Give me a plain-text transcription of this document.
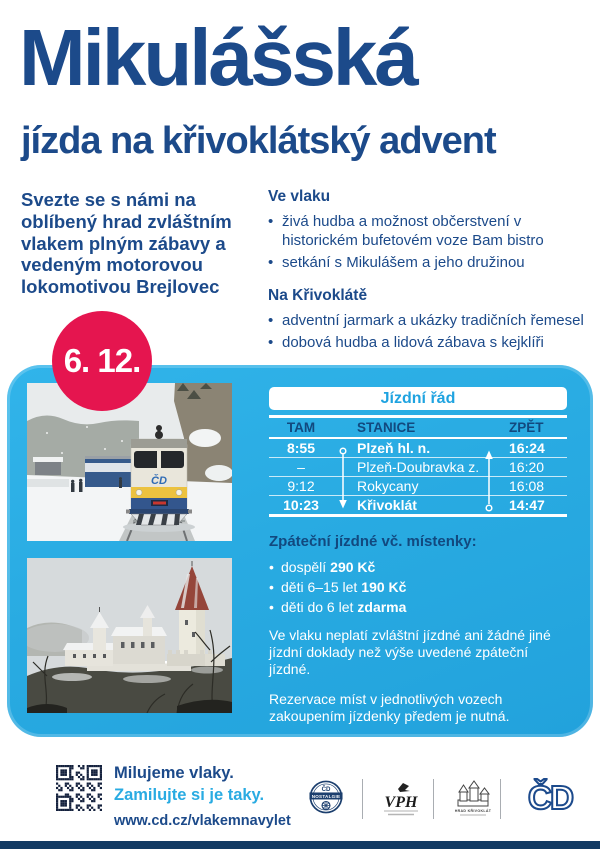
Mikulášská
jízda na křivoklátský advent

Svezte se s námi na oblíbený hrad zvláštním vlakem plným zábavy a vedeným motorovou lokomotivou Brejlovec

Ve vlaku

• živá hudba a možnost občerstvení v historickém bufetovém voze Bam bistro
• setkání s Mikulášem a jeho družinou

Na Křivoklátě

• adventní jarmark a ukázky tradičních řemesel
• dobová hudba a lidová zábava s kejklíři
ČD
Jízdní řád
TAM	STANICE	ZPĚT
8:55	Plzeň hl. n.	16:24
–	Plzeň-Doubravka z.	16:20
9:12	Rokycany	16:08
10:23	Křivoklát	14:47

Zpáteční jízdné vč. místenky:

• dospělí 290 Kč
• děti 6–15 let 190 Kč
• děti do 6 let zdarma

Ve vlaku neplatí zvláštní jízdné ani žádné jiné jízdní doklady než výše uvedené zpáteční jízdné.

Rezervace míst v jednotlivých vozech zakoupením jízdenky předem je nutná.

Prodej jízdenek v pokladnách ČD a na www.cd.cz/eshop od 11. 11. 2025.

6. 12.

Milujeme vlaky.

Zamilujte si je taky.

www.cd.cz/vlakemnavylet

ČD
NOSTALGIE	VPH	HRAD KŘIVOKLÁT ČD
